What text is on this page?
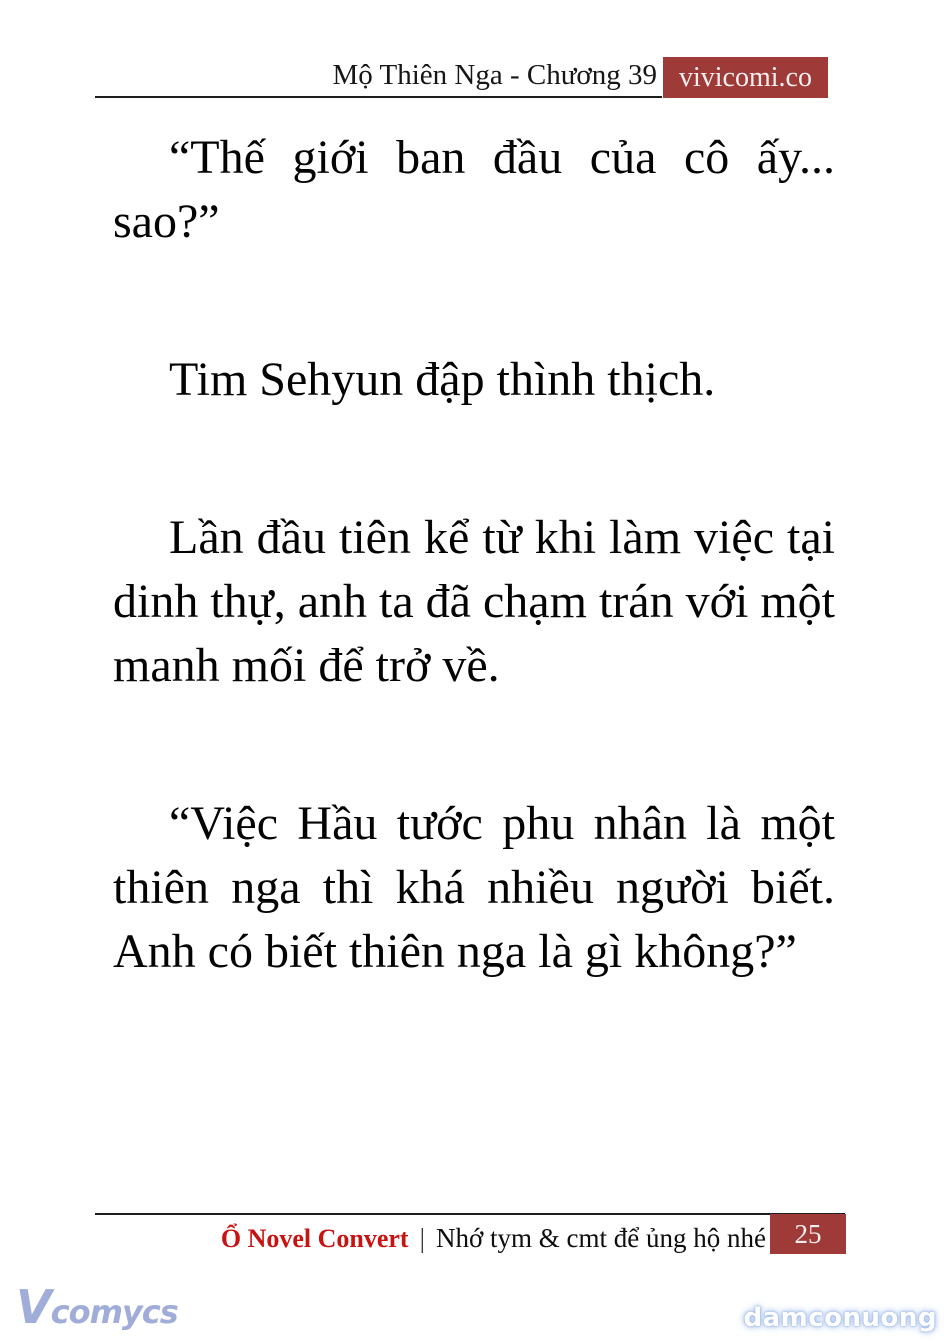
Mộ Thiên Nga - Chương 39 vivicomi.co
“Thế giới ban đầu của cô ấy...
sao?”
Tim Sehyun đập thình thịch.
Lần đầu tiên kể từ khi làm việc tại
dinh thự, anh ta đã chạm trán với một
manh mối để trở về.
“Việc Hầu tước phu nhân là một
thiên nga thì khá nhiều người biết.
Anh có biết thiên nga là gì không?”
Ổ Novel Convert | Nhớ tym & cmt để ủng hộ nhé 25
Vcomycs	damconuong
